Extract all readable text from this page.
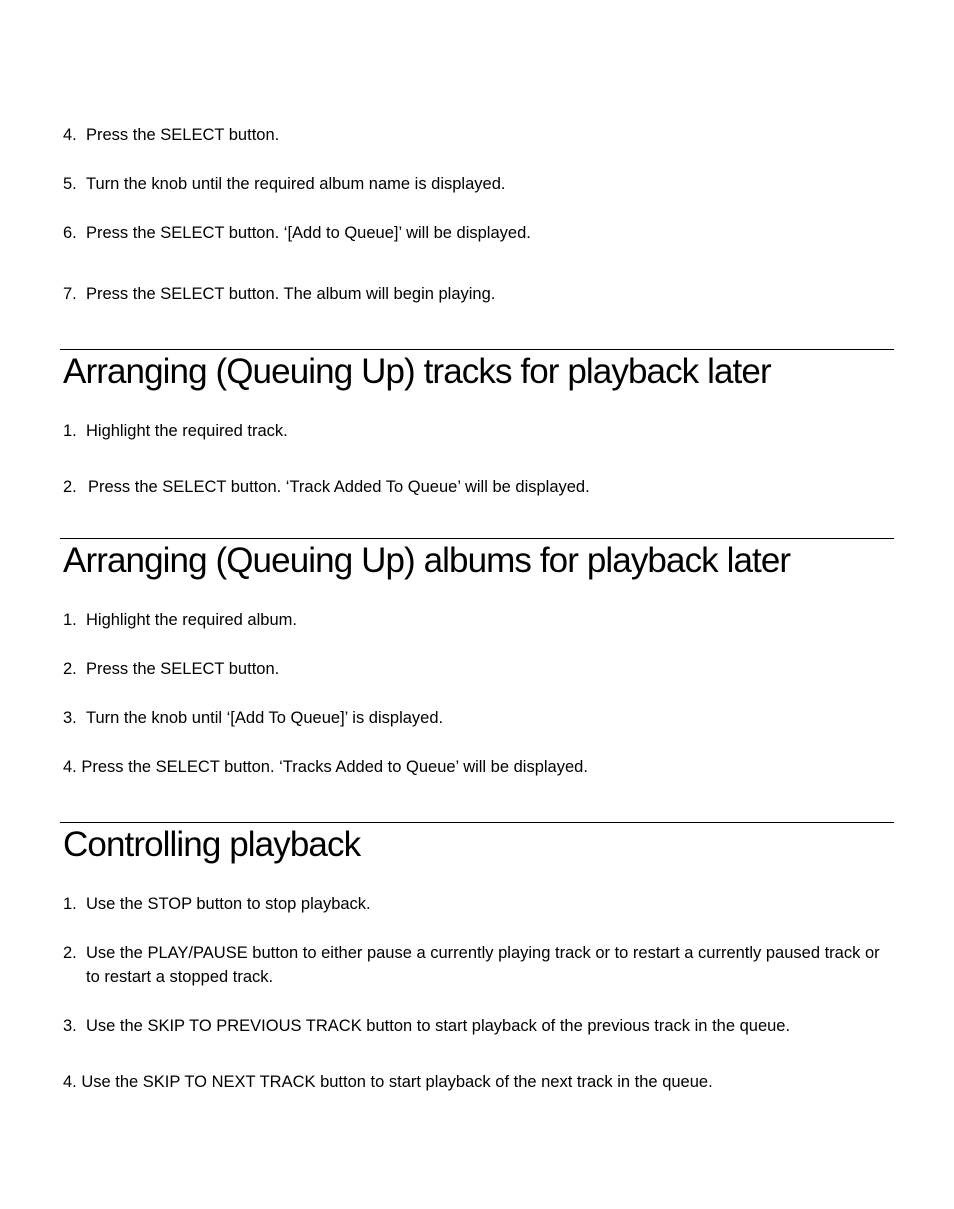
4. Press the SELECT button.
5. Turn the knob until the required album name is displayed.
6. Press the SELECT button. ‘[Add to Queue]’ will be displayed.
7. Press the SELECT button. The album will begin playing.
Arranging (Queuing Up) tracks for playback later
1. Highlight the required track.
2. Press the SELECT button. ‘Track Added To Queue’ will be displayed.
Arranging (Queuing Up) albums for playback later
1. Highlight the required album.
2. Press the SELECT button.
3. Turn the knob until ‘[Add To Queue]’ is displayed.
4. Press the SELECT button. ‘Tracks Added to Queue’ will be displayed.
Controlling playback
1. Use the STOP button to stop playback.
2. Use the PLAY/PAUSE button to either pause a currently playing track or to restart a currently paused track or to restart a stopped track.
3. Use the SKIP TO PREVIOUS TRACK button to start playback of the previous track in the queue.
4. Use the SKIP TO NEXT TRACK button to start playback of the next track in the queue.
